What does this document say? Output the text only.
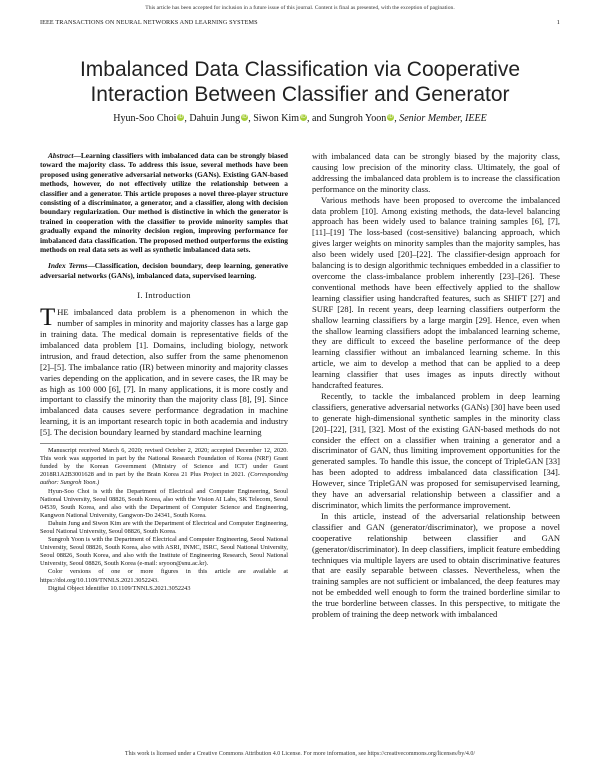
This article has been accepted for inclusion in a future issue of this journal. Content is final as presented, with the exception of pagination.
IEEE TRANSACTIONS ON NEURAL NETWORKS AND LEARNING SYSTEMS	1
Imbalanced Data Classification via Cooperative Interaction Between Classifier and Generator
Hyun-Soo Choi iD, Dahuin Jung iD, Siwon Kim iD, and Sungroh Yoon iD, Senior Member, IEEE

Abstract—Learning classifiers with imbalanced data can be strongly biased toward the majority class. To address this issue, several methods have been proposed using generative adversarial networks (GANs). Existing GAN-based methods, however, do not effectively utilize the relationship between a classifier and a generator. This article proposes a novel three-player structure consisting of a discriminator, a generator, and a classifier, along with decision boundary regularization. Our method is distinctive in which the generator is trained in cooperation with the classifier to provide minority samples that gradually expand the minority decision region, improving performance for imbalanced data classification. The proposed method outperforms the existing methods on real data sets as well as synthetic imbalanced data sets.

Index Terms—Classification, decision boundary, deep learning, generative adversarial networks (GANs), imbalanced data, supervised learning.

I. Introduction

THE imbalanced data problem is a phenomenon in which the number of samples in minority and majority classes has a large gap in training data. The medical domain is representative fields of the imbalanced data problem [1]. Domains, including biology, network intrusion, and fraud detection, also suffer from the same phenomenon [2]–[5]. The imbalance ratio (IR) between minority and majority classes varies depending on the application, and in severe cases, the IR may be as high as 100 000 [6], [7]. In many applications, it is more costly and important to classify the minority than the majority class [8], [9]. Since imbalanced data causes severe performance degradation in machine learning, it is an important research topic in both academia and industry [5]. The decision boundary learned by standard machine learning

Manuscript received March 6, 2020; revised October 2, 2020; accepted December 12, 2020. This work was supported in part by the National Research Foundation of Korea (NRF) Grant funded by the Korean Government (Ministry of Science and ICT) under Grant 2018R1A2B3001628 and in part by the Brain Korea 21 Plus Project in 2021. (Corresponding author: Sungroh Yoon.)

Hyun-Soo Choi is with the Department of Electrical and Computer Engineering, Seoul National University, Seoul 08826, South Korea, also with the Vision AI Labs, SK Telecom, Seoul 04539, South Korea, and also with the Department of Computer Science and Engineering, Kangwon National University, Gangwon-Do 24341, South Korea.

Dahuin Jung and Siwon Kim are with the Department of Electrical and Computer Engineering, Seoul National University, Seoul 08826, South Korea.

Sungroh Yoon is with the Department of Electrical and Computer Engineering, Seoul National University, Seoul 08826, South Korea, also with ASRI, INMC, ISRC, Seoul National University, Seoul 08826, South Korea, and also with the Institute of Engineering Research, Seoul National University, Seoul 08826, South Korea (e-mail: sryoon@snu.ac.kr).

Color versions of one or more figures in this article are available at https://doi.org/10.1109/TNNLS.2021.3052243.

Digital Object Identifier 10.1109/TNNLS.2021.3052243

with imbalanced data can be strongly biased by the majority class, causing low precision of the minority class. Ultimately, the goal of addressing the imbalanced data problem is to increase the classification performance on the minority class.

Various methods have been proposed to overcome the imbalanced data problem [10]. Among existing methods, the data-level balancing approach has been widely used to balance training samples [6], [7], [11]–[19] The loss-based (cost-sensitive) balancing approach, which gives larger weights on minority samples than the majority samples, has also been widely used [20]–[22]. The classifier-design approach for balancing is to design algorithmic techniques embedded in a classifier to overcome the class-imbalance problem inherently [23]–[26]. These conventional methods have been effectively applied to the shallow learning classifier using handcrafted features, such as SHIFT [27] and SURF [28]. In recent years, deep learning classifiers outperform the shallow learning classifiers by a large margin [29]. Hence, even when the shallow learning classifiers adopt the imbalanced learning scheme, they are difficult to exceed the baseline performance of the deep learning classifier without an imbalanced learning scheme. In this article, we aim to develop a method that can be applied to a deep learning classifier that uses images as inputs directly without handcrafted features.

Recently, to tackle the imbalanced problem in deep learning classifiers, generative adversarial networks (GANs) [30] have been used to generate high-dimensional synthetic samples in the minority class [20]–[22], [31], [32]. Most of the existing GAN-based methods do not consider the effect on a classifier when training a generator and a discriminator of GAN, thus limiting improvement opportunities for the generated samples. To handle this issue, the concept of TripleGAN [33] has been adopted to address imbalanced data classification [34]. However, since TripleGAN was proposed for semisupervised learning, they have an adversarial relationship between a classifier and a discriminator, which limits the performance improvement.

In this article, instead of the adversarial relationship between classifier and GAN (generator/discriminator), we propose a novel cooperative relationship between classifier and GAN (generator/discriminator). In deep classifiers, implicit feature embedding techniques via multiple layers are used to obtain discriminative features that are easily separable between classes. Nevertheless, when the training samples are not sufficient or imbalanced, the deep features may not be embedded well enough to form the trained borderline similar to the true borderline between classes. In this perspective, to mitigate the problem of training the deep network with imbalanced

This work is licensed under a Creative Commons Attribution 4.0 License. For more information, see https://creativecommons.org/licenses/by/4.0/
